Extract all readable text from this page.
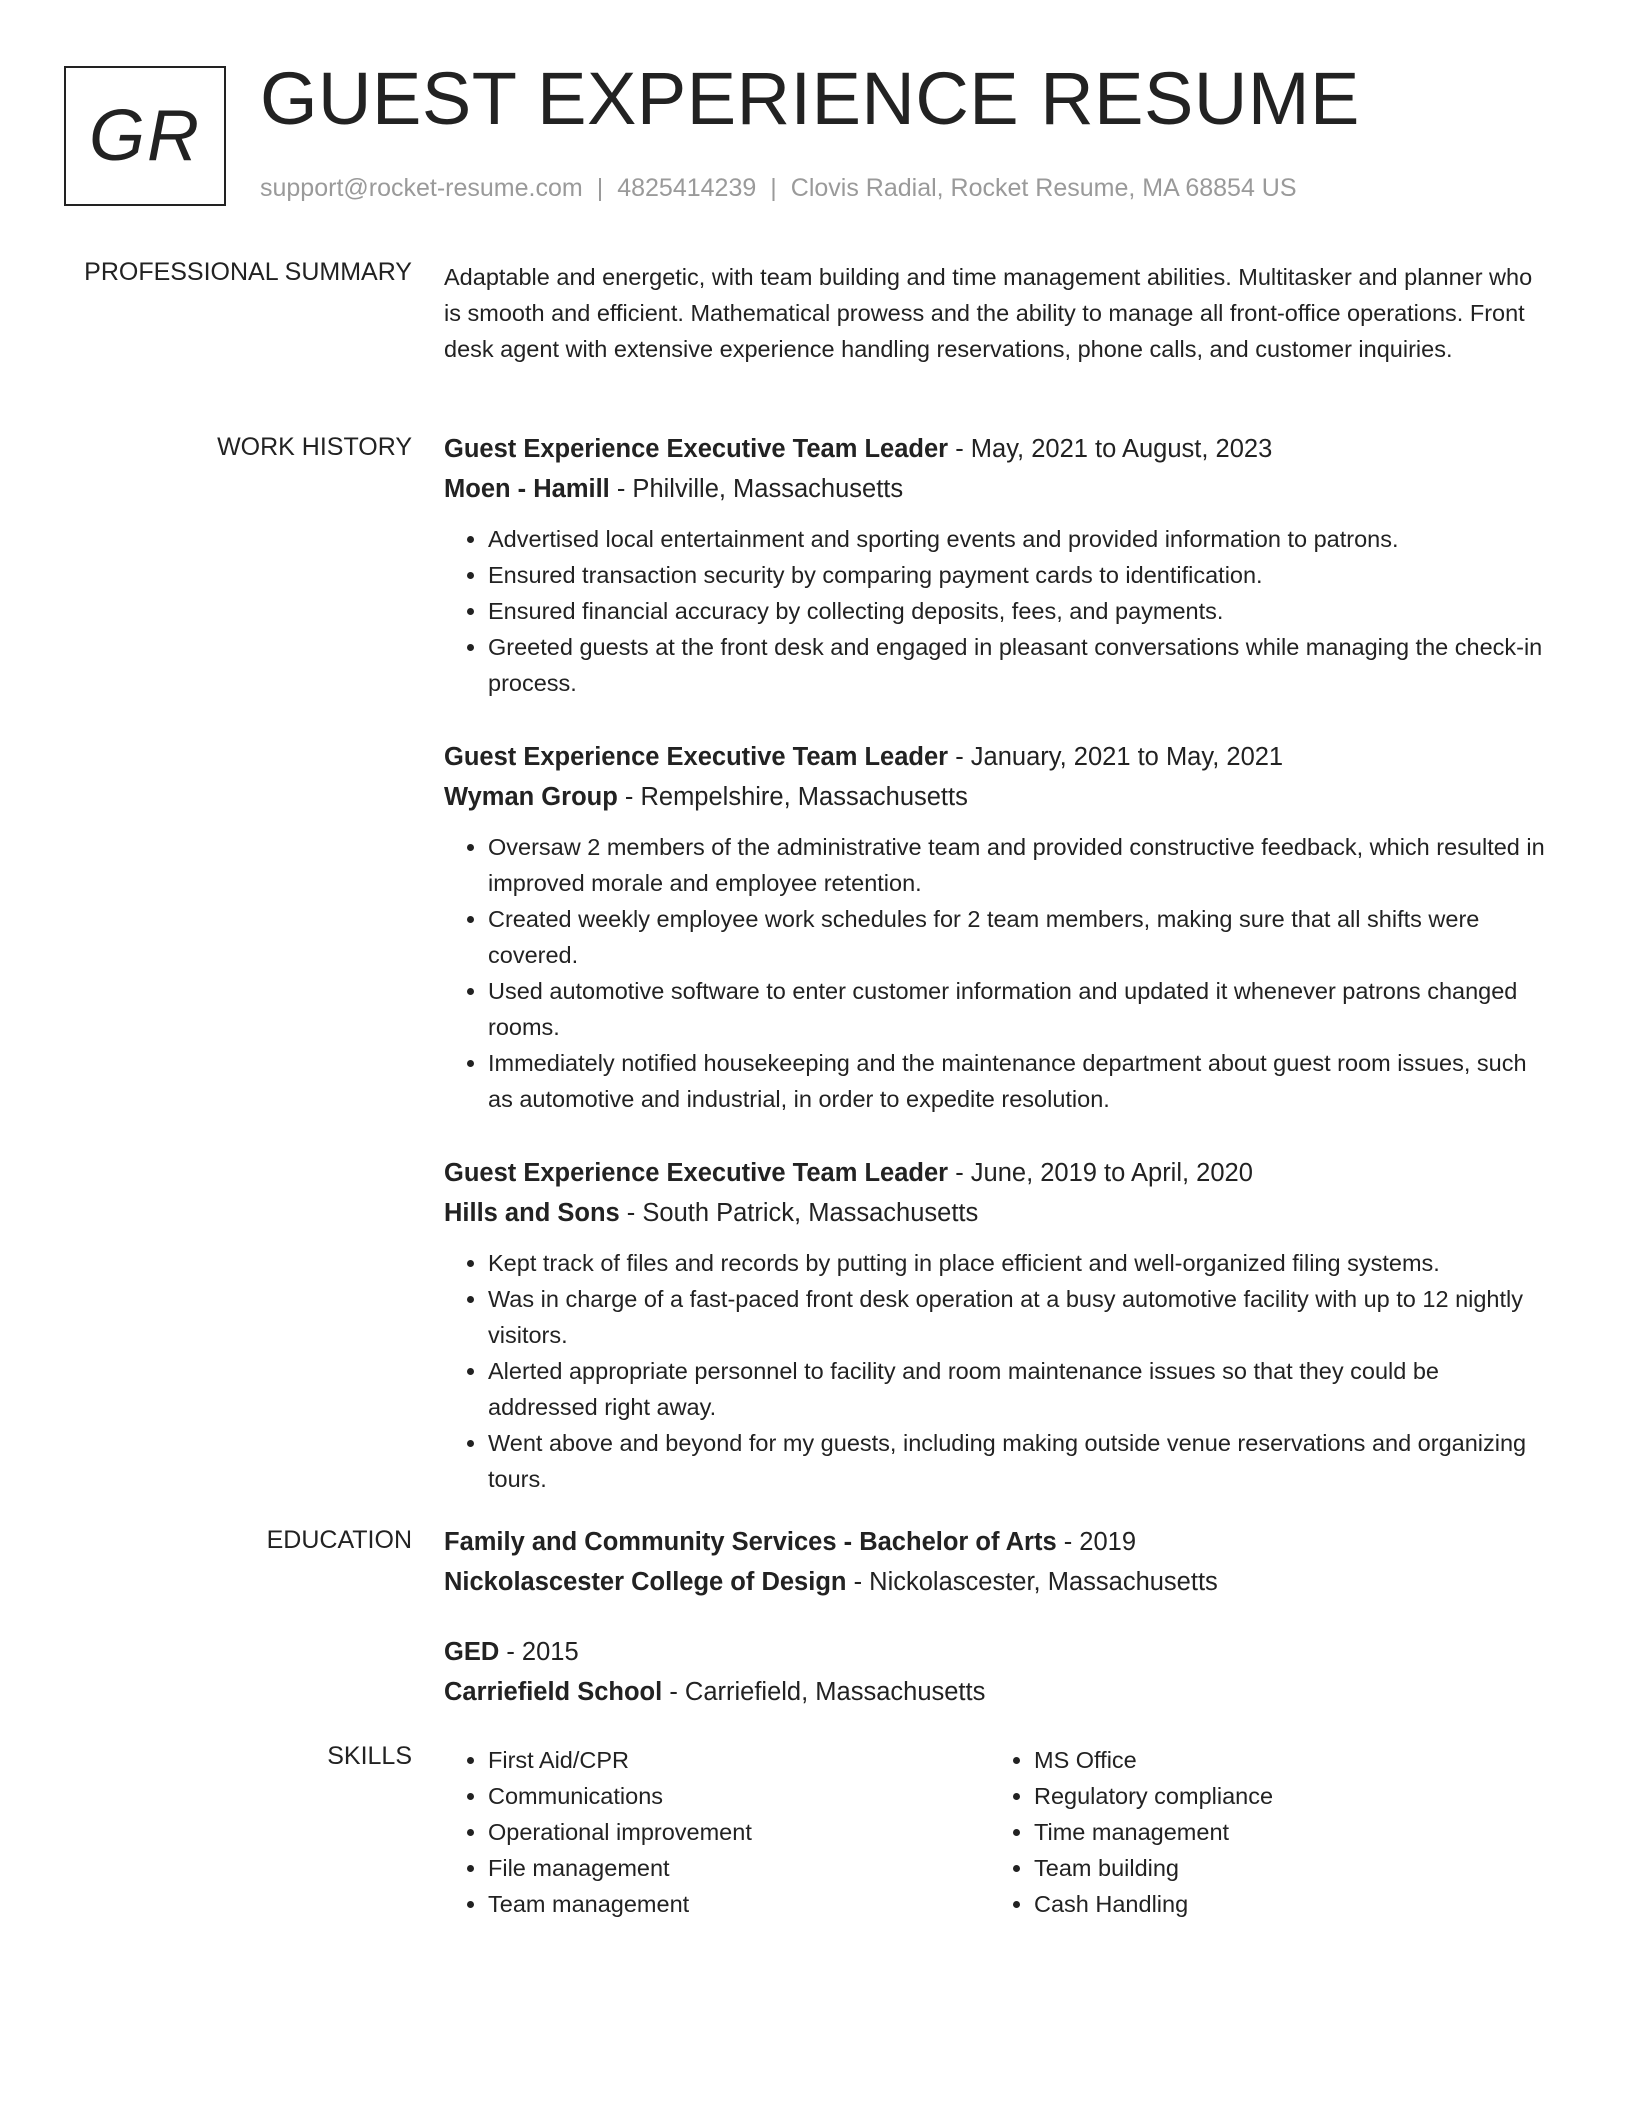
GR GUEST EXPERIENCE RESUME
support@rocket-resume.com | 4825414239 | Clovis Radial, Rocket Resume, MA 68854 US
PROFESSIONAL SUMMARY Adaptable and energetic, with team building and time management abilities. Multitasker and planner who is smooth and efficient. Mathematical prowess and the ability to manage all front-office operations. Front desk agent with extensive experience handling reservations, phone calls, and customer inquiries.

WORK HISTORY Guest Experience Executive Team Leader - May, 2021 to August, 2023
Moen - Hamill - Philville, Massachusetts
• Advertised local entertainment and sporting events and provided information to patrons.
• Ensured transaction security by comparing payment cards to identification.
• Ensured financial accuracy by collecting deposits, fees, and payments.
• Greeted guests at the front desk and engaged in pleasant conversations while managing the check-in process.
Guest Experience Executive Team Leader - January, 2021 to May, 2021
Wyman Group - Rempelshire, Massachusetts
• Oversaw 2 members of the administrative team and provided constructive feedback, which resulted in improved morale and employee retention.
• Created weekly employee work schedules for 2 team members, making sure that all shifts were covered.
• Used automotive software to enter customer information and updated it whenever patrons changed rooms.
• Immediately notified housekeeping and the maintenance department about guest room issues, such as automotive and industrial, in order to expedite resolution.
Guest Experience Executive Team Leader - June, 2019 to April, 2020
Hills and Sons - South Patrick, Massachusetts
• Kept track of files and records by putting in place efficient and well-organized filing systems.
• Was in charge of a fast-paced front desk operation at a busy automotive facility with up to 12 nightly visitors.
• Alerted appropriate personnel to facility and room maintenance issues so that they could be addressed right away.
• Went above and beyond for my guests, including making outside venue reservations and organizing tours.
EDUCATION Family and Community Services - Bachelor of Arts - 2019
Nickolascester College of Design - Nickolascester, Massachusetts
GED - 2015
Carriefield School - Carriefield, Massachusetts
SKILLS
•	First Aid/CPR
• Communications
• Operational improvement
• File management
• Team management
• MS Office
• Regulatory compliance
• Time management
• Team building
• Cash Handling
